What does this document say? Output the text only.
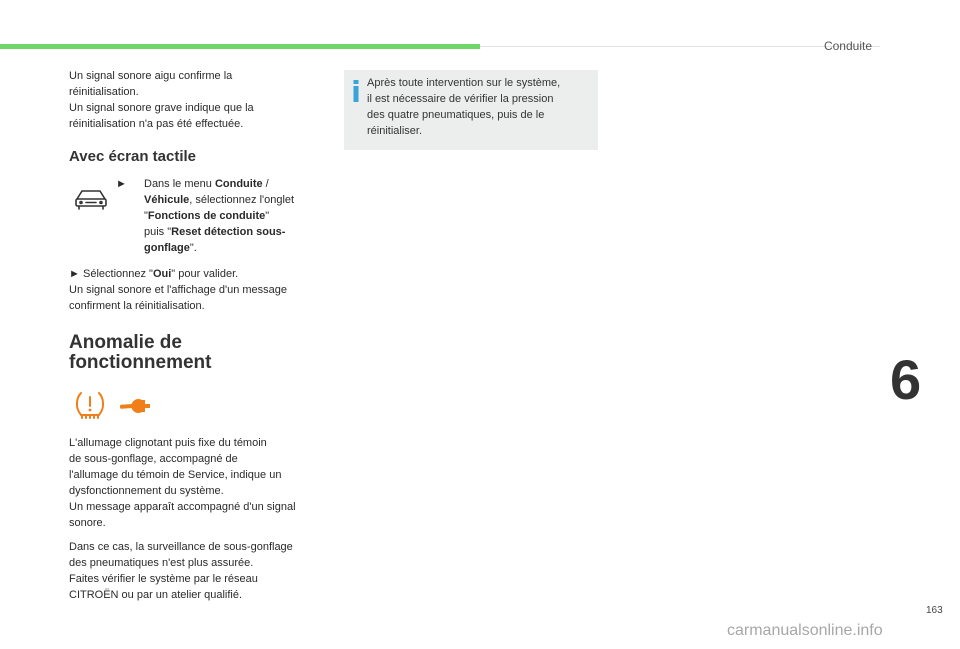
Conduite

Un signal sonore aigu confirme la

réinitialisation.

Un signal sonore grave indique que la

réinitialisation n'a pas été effectuée.

Avec écran tactile
► Dans le menu Conduite /
Véhicule, sélectionnez l'onglet
"Fonctions de conduite"
puis "Reset détection sous-
gonflage".

► Sélectionnez "Oui" pour valider.

Un signal sonore et l'affichage d'un message

confirment la réinitialisation.

Anomalie de
fonctionnement

L'allumage clignotant puis fixe du témoin

de sous-gonflage, accompagné de

l'allumage du témoin de Service, indique un

dysfonctionnement du système.

Un message apparaît accompagné d'un signal

sonore.

Dans ce cas, la surveillance de sous-gonflage

des pneumatiques n'est plus assurée.

Faites vérifier le système par le réseau

CITROËN ou par un atelier qualifié.

Après toute intervention sur le système,
il est nécessaire de vérifier la pression
des quatre pneumatiques, puis de le
réinitialiser.
6
163
carmanualsonline.info
